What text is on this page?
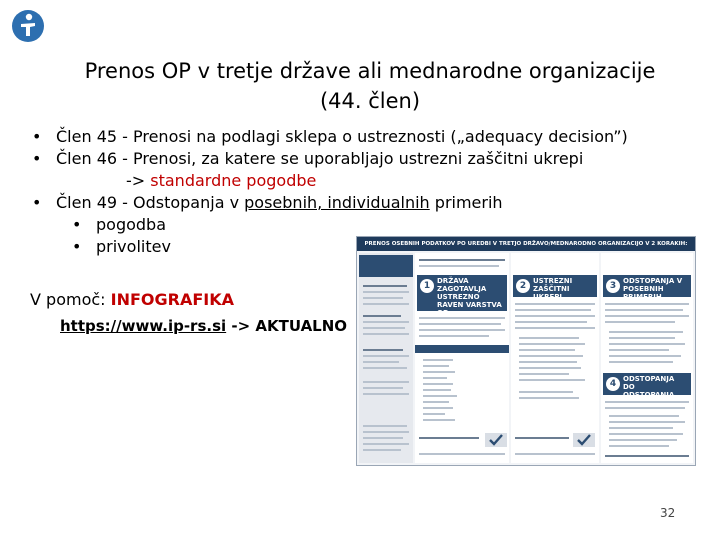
Prenos OP v tretje države ali mednarodne organizacije
(44. člen)
• Člen 45 - Prenosi na podlagi sklepa o ustreznosti („adequacy decision”)
• Člen 46 - Prenosi, za katere se uporabljajo ustrezni zaščitni ukrepi
-> standardne pogodbe
• Člen 49 - Odstopanja v posebnih, individualnih primerih
• pogodba
• privolitev
V pomoč: INFOGRAFIKA
https://www.ip-rs.si -> AKTUALNO
PRENOS OSEBNIH PODATKOV PO UREDBI V TRETJO DRŽAVO/MEDNARODNO ORGANIZACIJO V 2 KORAKIH:
1 DRŽAVA ZAGOTAVLJA USTREZNO RAVEN VARSTVA OP
2 USTREZNI ZAŠČITNI UKREPI
3 ODSTOPANJA V POSEBNIH PRIMERIH
4 ODSTOPANJA DO ODSTOPANJA
32
